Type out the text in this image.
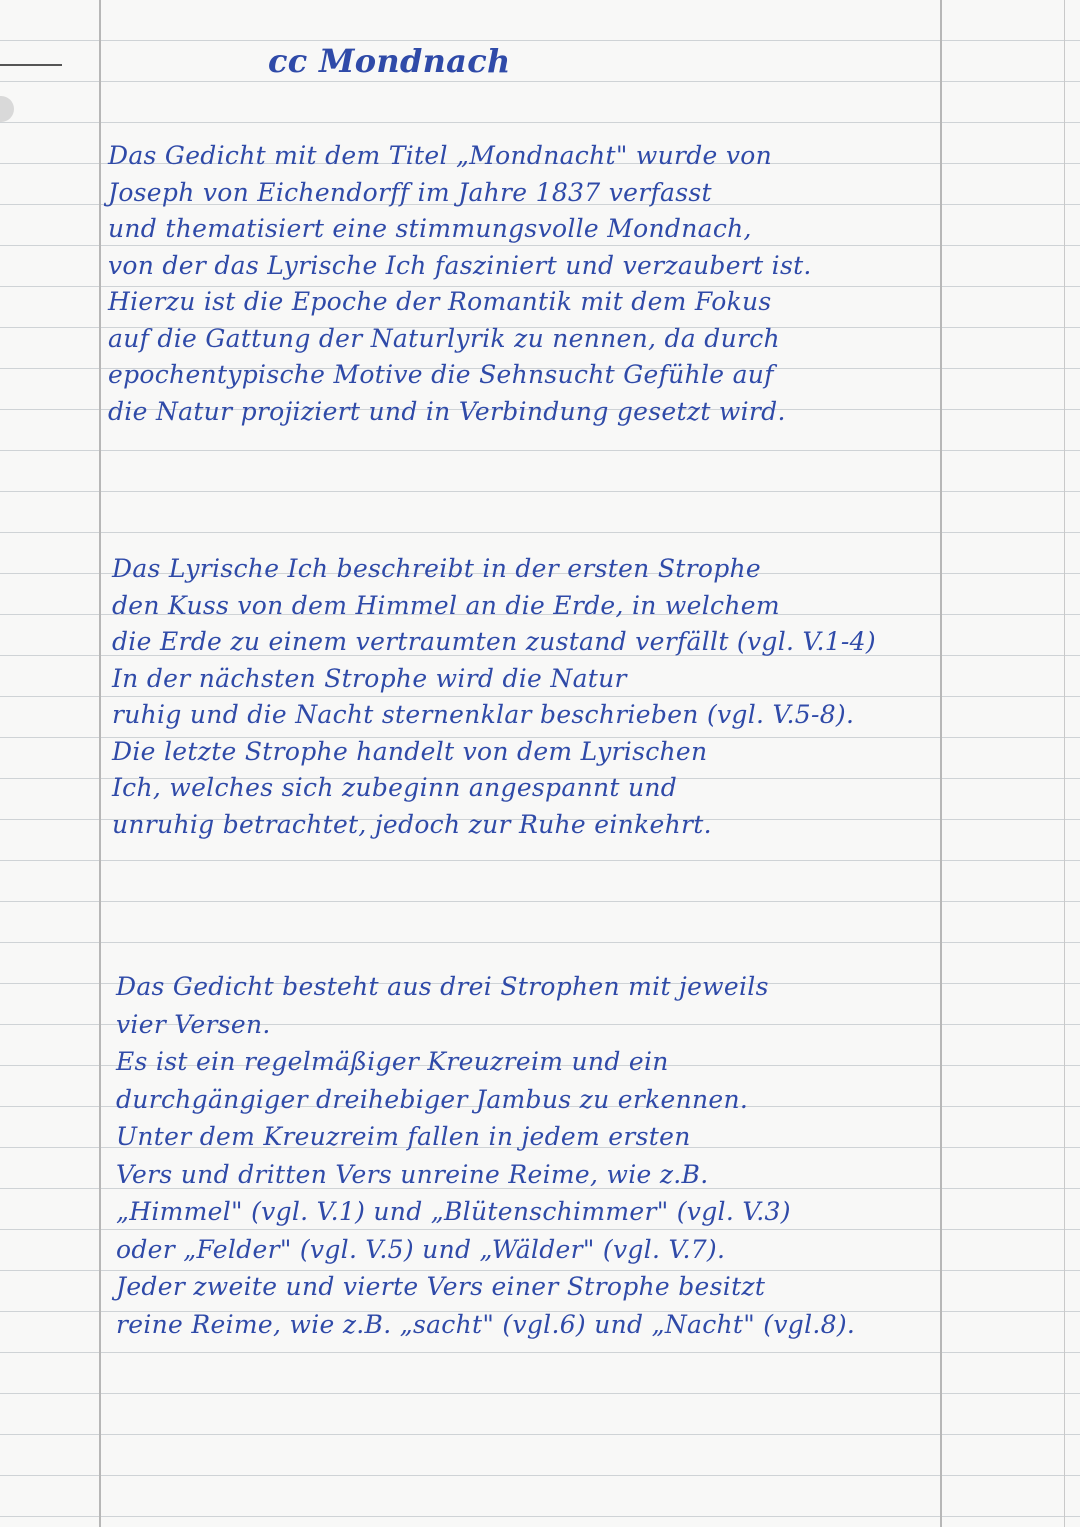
cc Mondnach
Das Gedicht mit dem Titel „Mondnacht" wurde von
Joseph von Eichendorff im Jahre 1837 verfasst
und thematisiert eine stimmungsvolle Mondnach,
von der das Lyrische Ich fasziniert und verzaubert ist.
Hierzu ist die Epoche der Romantik mit dem Fokus
auf die Gattung der Naturlyrik zu nennen, da durch
epochentypische Motive die Sehnsucht Gefühle auf
die Natur projiziert und in Verbindung gesetzt wird.
Das Lyrische Ich beschreibt in der ersten Strophe
den Kuss von dem Himmel an die Erde, in welchem
die Erde zu einem vertraumten zustand verfällt (vgl. V.1-4)
In der nächsten Strophe wird die Natur
ruhig und die Nacht sternenklar beschrieben (vgl. V.5-8).
Die letzte Strophe handelt von dem Lyrischen
Ich, welches sich zubeginn angespannt und
unruhig betrachtet, jedoch zur Ruhe einkehrt.
Das Gedicht besteht aus drei Strophen mit jeweils
vier Versen.
Es ist ein regelmäßiger Kreuzreim und ein
durchgängiger dreihebiger Jambus zu erkennen.
Unter dem Kreuzreim fallen in jedem ersten
Vers und dritten Vers unreine Reime, wie z.B.
„Himmel" (vgl. V.1) und „Blütenschimmer" (vgl. V.3)
oder „Felder" (vgl. V.5) und „Wälder" (vgl. V.7).
Jeder zweite und vierte Vers einer Strophe besitzt
reine Reime, wie z.B. „sacht" (vgl.6) und „Nacht" (vgl.8).
